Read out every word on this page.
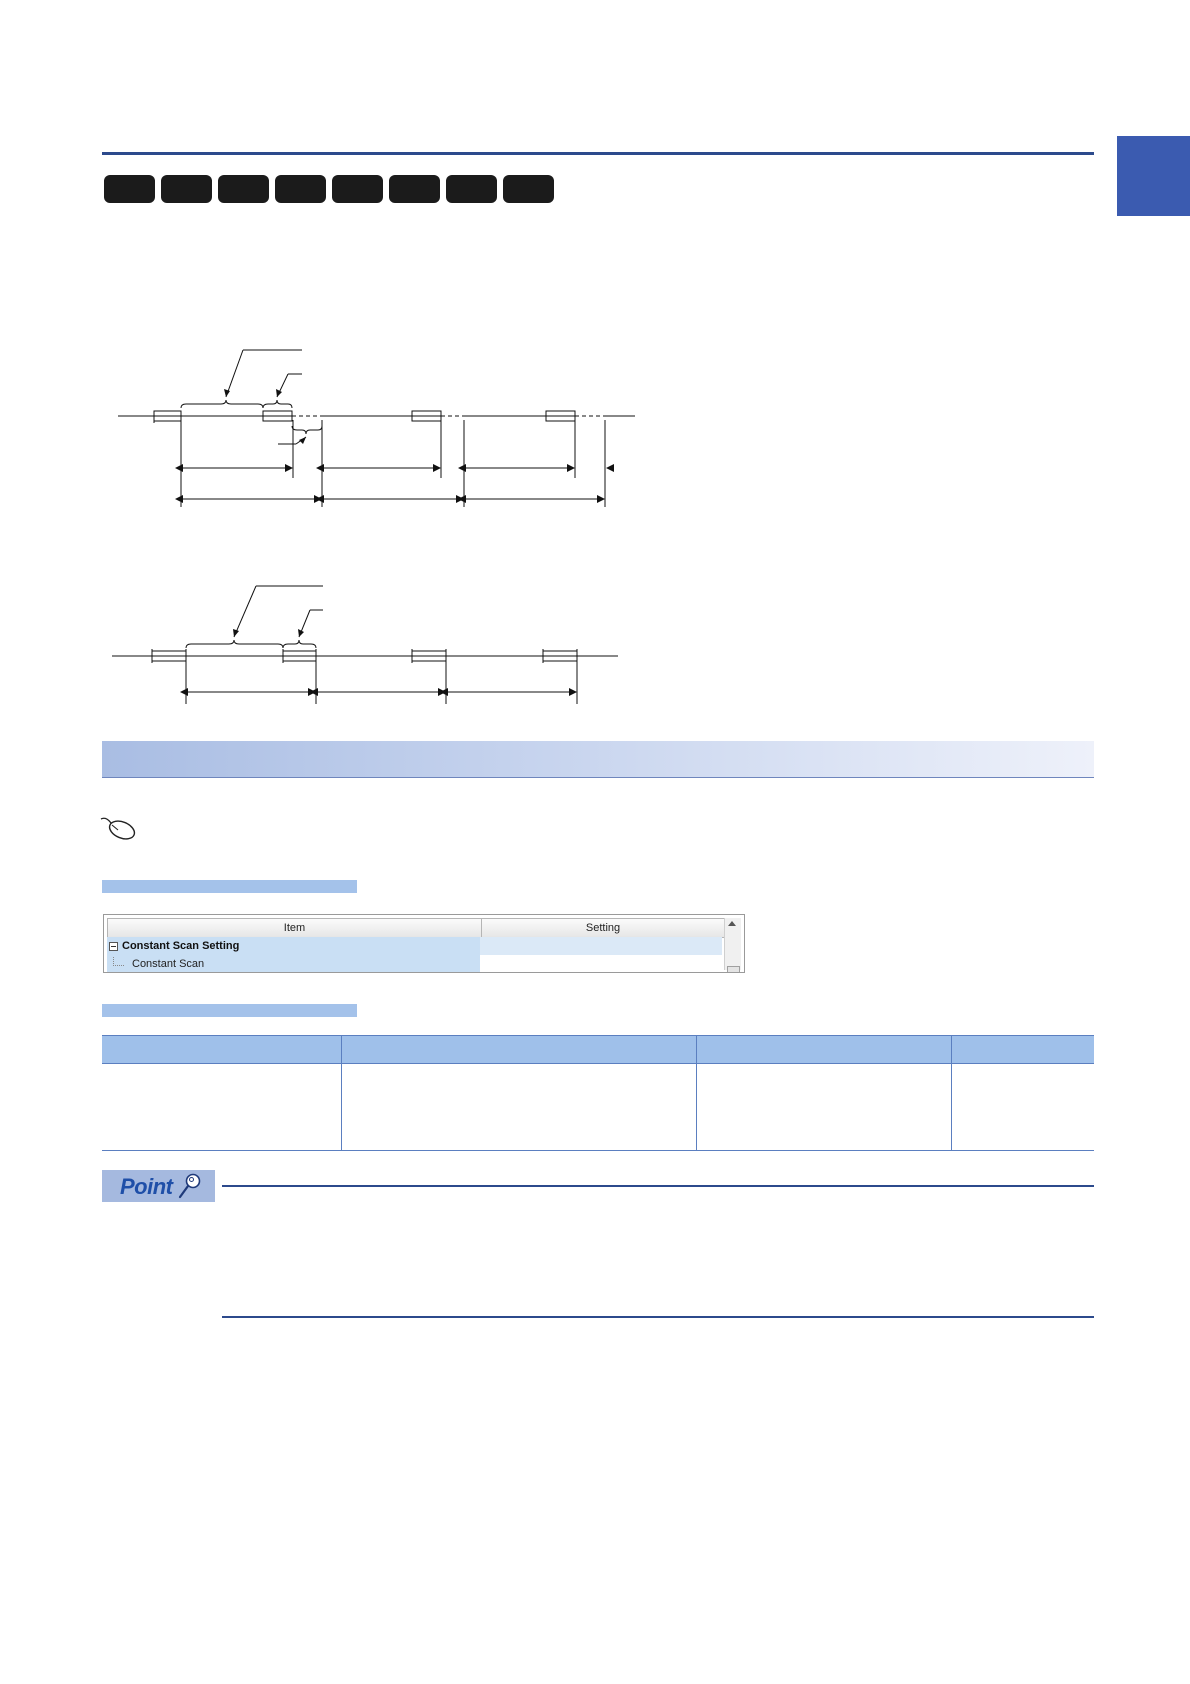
Item	Setting
Constant Scan Setting
Constant Scan

Point
